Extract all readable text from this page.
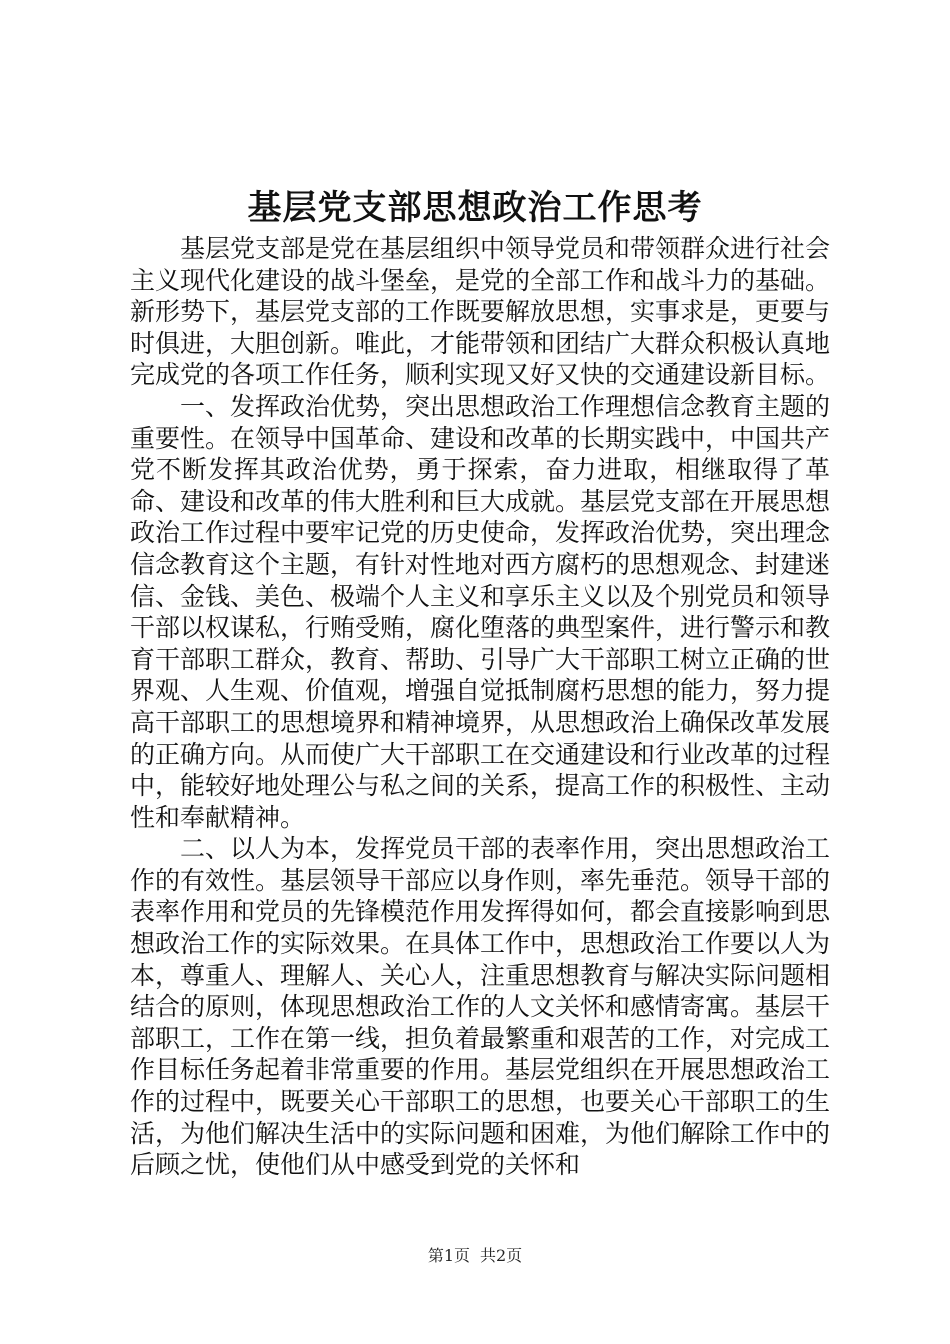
基层党支部思想政治工作思考

基层党支部是党在基层组织中领导党员和带领群众进行社会主义现代化建设的战斗堡垒，是党的全部工作和战斗力的基础。新形势下，基层党支部的工作既要解放思想，实事求是，更要与时俱进，大胆创新。唯此，才能带领和团结广大群众积极认真地完成党的各项工作任务，顺利实现又好又快的交通建设新目标。

一、发挥政治优势，突出思想政治工作理想信念教育主题的重要性。在领导中国革命、建设和改革的长期实践中，中国共产党不断发挥其政治优势，勇于探索，奋力进取，相继取得了革命、建设和改革的伟大胜利和巨大成就。基层党支部在开展思想政治工作过程中要牢记党的历史使命，发挥政治优势，突出理念信念教育这个主题，有针对性地对西方腐朽的思想观念、封建迷信、金钱、美色、极端个人主义和享乐主义以及个别党员和领导干部以权谋私，行贿受贿，腐化堕落的典型案件，进行警示和教育干部职工群众，教育、帮助、引导广大干部职工树立正确的世界观、人生观、价值观，增强自觉抵制腐朽思想的能力，努力提高干部职工的思想境界和精神境界，从思想政治上确保改革发展的正确方向。从而使广大干部职工在交通建设和行业改革的过程中，能较好地处理公与私之间的关系，提高工作的积极性、主动性和奉献精神。

二、以人为本，发挥党员干部的表率作用，突出思想政治工作的有效性。基层领导干部应以身作则，率先垂范。领导干部的表率作用和党员的先锋模范作用发挥得如何，都会直接影响到思想政治工作的实际效果。在具体工作中，思想政治工作要以人为本，尊重人、理解人、关心人，注重思想教育与解决实际问题相结合的原则，体现思想政治工作的人文关怀和感情寄寓。基层干部职工，工作在第一线，担负着最繁重和艰苦的工作，对完成工作目标任务起着非常重要的作用。基层党组织在开展思想政治工作的过程中，既要关心干部职工的思想，也要关心干部职工的生活，为他们解决生活中的实际问题和困难，为他们解除工作中的后顾之忧，使他们从中感受到党的关怀和

第1页 共2页
